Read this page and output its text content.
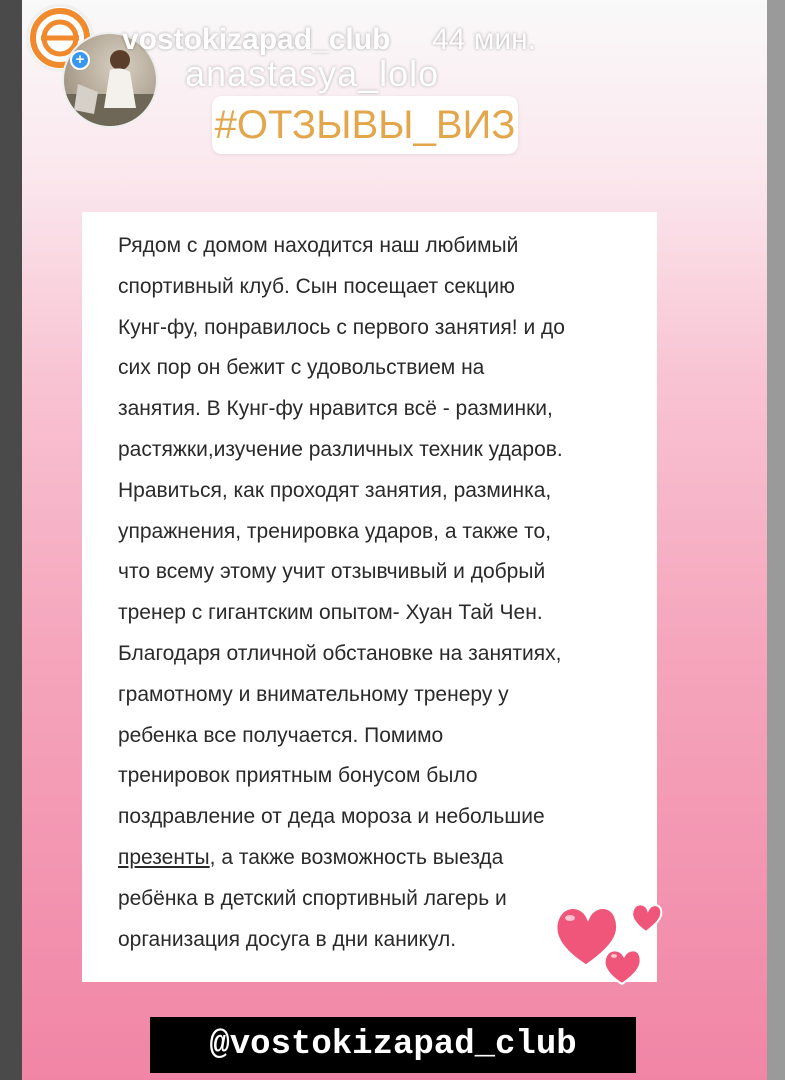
+
vostokizapad_club 44 мин.
anastasya_lolo
#ОТЗЫВЫ_ВИЗ
Рядом с домом находится наш любимый
спортивный клуб. Сын посещает секцию
Кунг-фу, понравилось с первого занятия! и до
сих пор он бежит с удовольствием на
занятия. В Кунг-фу нравится всё - разминки,
растяжки,изучение различных техник ударов.
Нравиться, как проходят занятия, разминка,
упражнения, тренировка ударов, а также то,
что всему этому учит отзывчивый и добрый
тренер с гигантским опытом- Хуан Тай Чен.
Благодаря отличной обстановке на занятиях,
грамотному и внимательному тренеру у
ребенка все получается. Помимо
тренировок приятным бонусом было
поздравление от деда мороза и небольшие
презенты, а также возможность выезда
ребёнка в детский спортивный лагерь и
организация досуга в дни каникул.
@vostokizapad_club
